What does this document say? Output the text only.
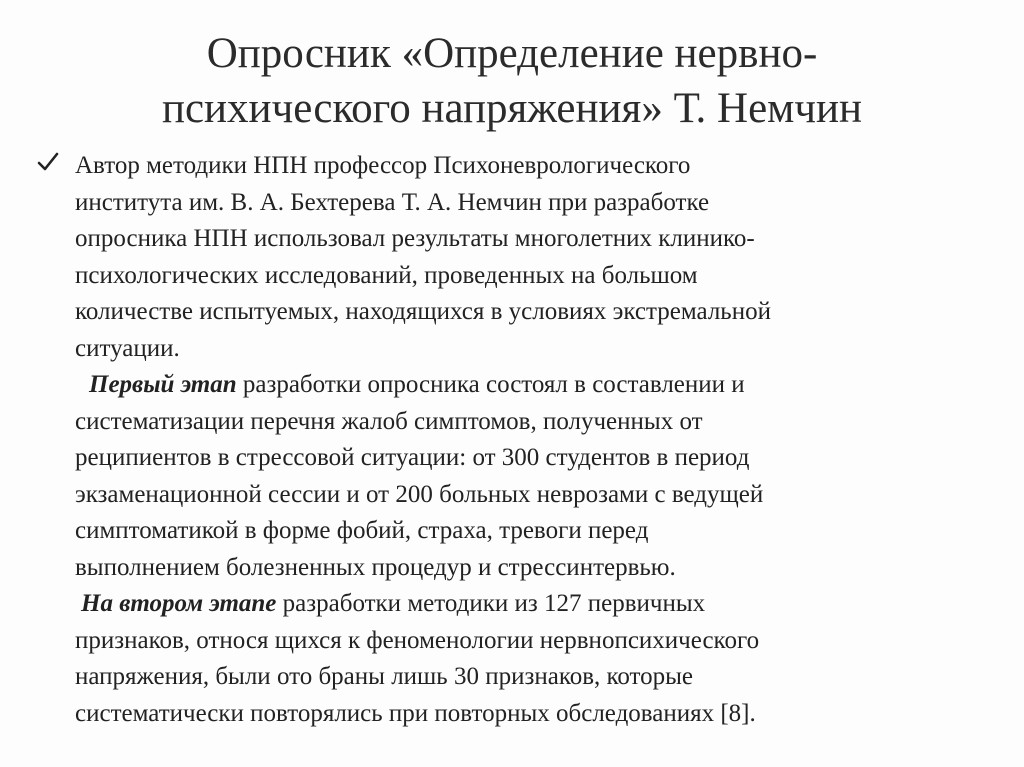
Опросник «Определение нервно-
психического напряжения» Т. Немчин
Автор методики НПН профессор Психоневрологического
института им. В. А. Бехтерева Т. А. Немчин при разработке
опросника НПН использовал результаты многолетних клинико-
психологических исследований, проведенных на большом
количестве испытуемых, находящихся в условиях экстремальной
ситуации.
Первый этап разработки опросника состоял в составлении и
систематизации перечня жалоб симптомов, полученных от
реципиентов в стрессовой ситуации: от 300 студентов в период
экзаменационной сессии и от 200 больных неврозами с ведущей
симптоматикой в форме фобий, страха, тревоги перед
выполнением болезненных процедур и стрессинтервью.
На втором этапе разработки методики из 127 первичных
признаков, относя щихся к феноменологии нервнопсихического
напряжения, были ото браны лишь 30 признаков, которые
систематически повторялись при повторных обследованиях [8].
